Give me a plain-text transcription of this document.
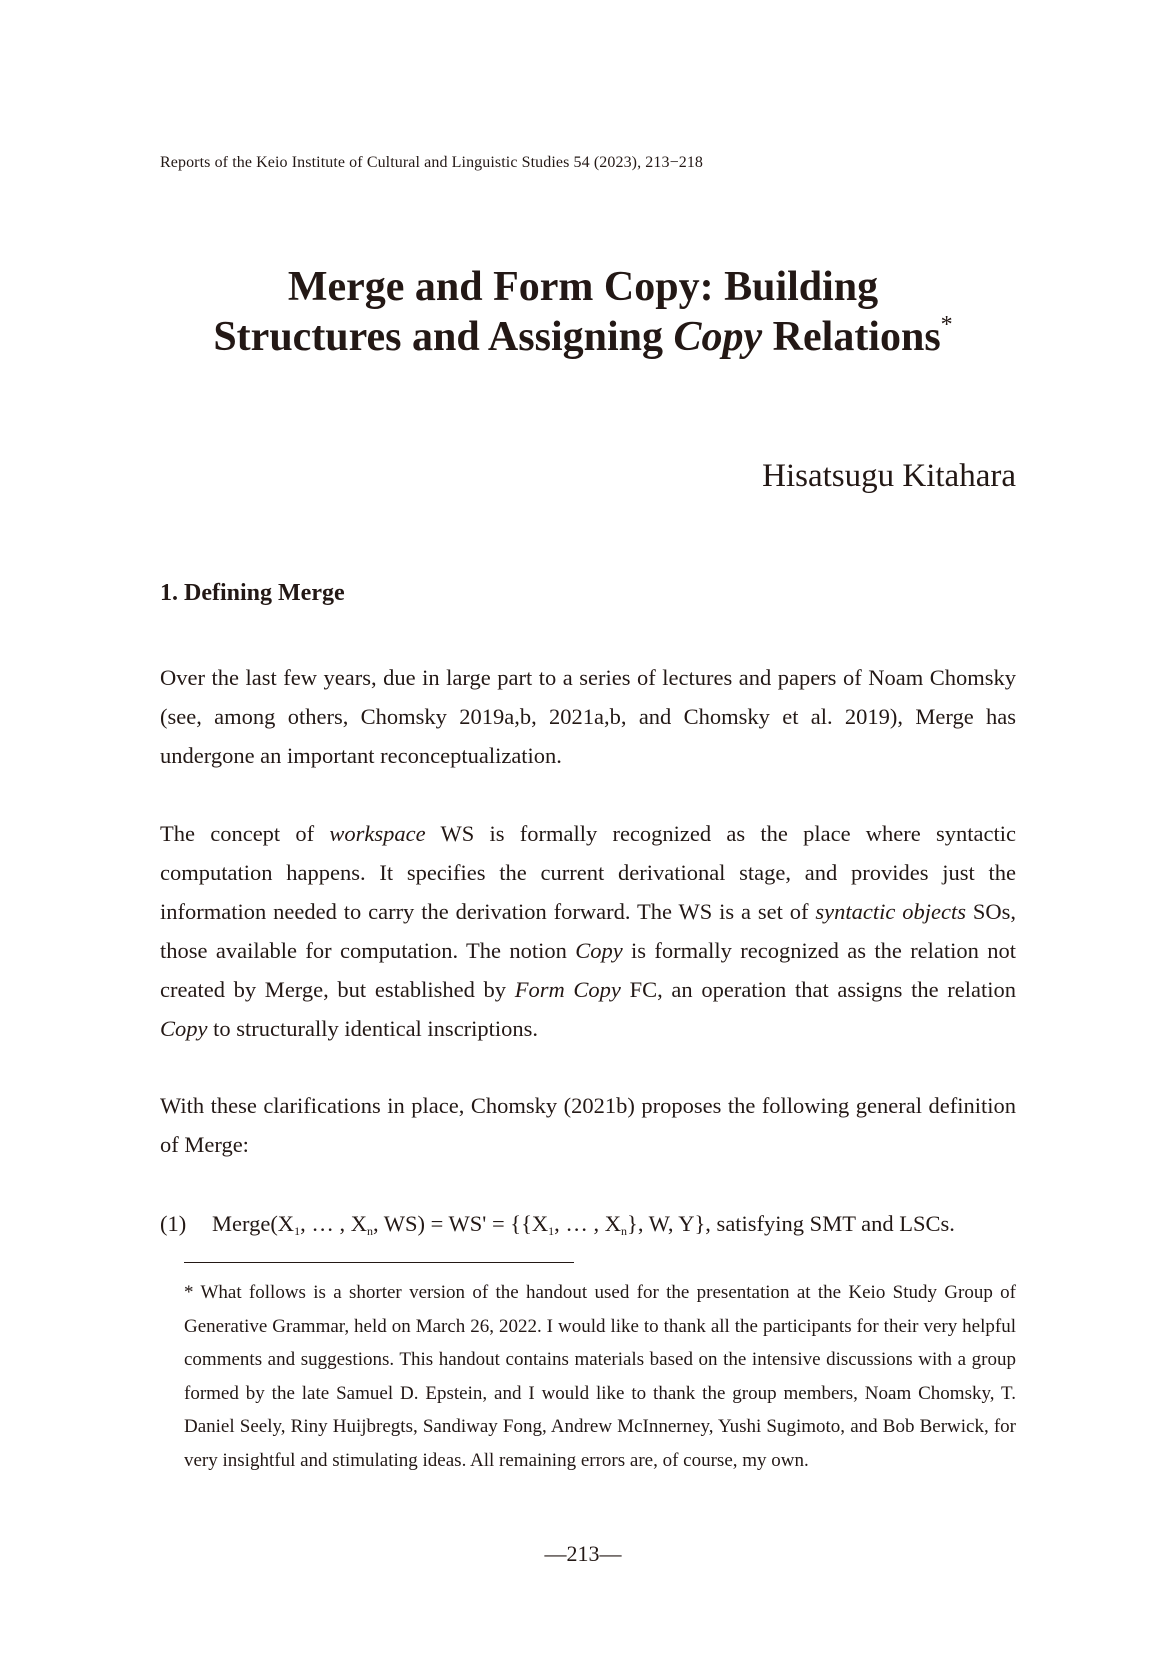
Reports of the Keio Institute of Cultural and Linguistic Studies 54 (2023), 213−218
Merge and Form Copy: Building
Structures and Assigning Copy Relations*
Hisatsugu Kitahara
1. Defining Merge
Over the last few years, due in large part to a series of lectures and papers of Noam Chomsky (see, among others, Chomsky 2019a,b, 2021a,b, and Chomsky et al. 2019), Merge has undergone an important reconceptualization.
The concept of workspace WS is formally recognized as the place where syntactic computation happens. It specifies the current derivational stage, and provides just the information needed to carry the derivation forward. The WS is a set of syntactic objects SOs, those available for computation. The notion Copy is formally recognized as the relation not created by Merge, but established by Form Copy FC, an operation that assigns the relation Copy to structurally identical inscriptions.
With these clarifications in place, Chomsky (2021b) proposes the following general definition of Merge:
(1) $Merge(X_1$, … , $X_n$, $WS) = WS' = \{\{X_1$, … , $X_n$}, W, Y}, satisfying SMT and LSCs.
* What follows is a shorter version of the handout used for the presentation at the Keio Study Group of Generative Grammar, held on March 26, 2022. I would like to thank all the participants for their very helpful comments and suggestions. This handout contains materials based on the intensive discussions with a group formed by the late Samuel D. Epstein, and I would like to thank the group members, Noam Chomsky, T. Daniel Seely, Riny Huijbregts, Sandiway Fong, Andrew McInnerney, Yushi Sugimoto, and Bob Berwick, for very insightful and stimulating ideas. All remaining errors are, of course, my own.
—213—
